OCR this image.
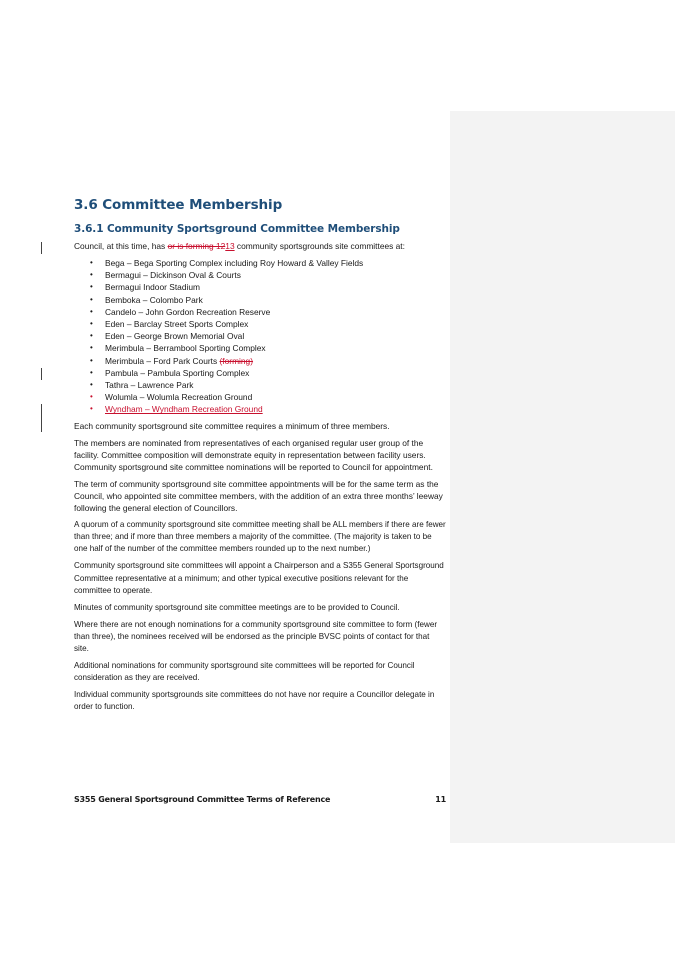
3.6 Committee Membership
3.6.1 Community Sportsground Committee Membership

Council, at this time, has or is forming 1213 community sportsgrounds site committees at:

• Bega – Bega Sporting Complex including Roy Howard & Valley Fields
• Bermagui – Dickinson Oval & Courts
• Bermagui Indoor Stadium
• Bemboka – Colombo Park
• Candelo – John Gordon Recreation Reserve
• Eden – Barclay Street Sports Complex
• Eden – George Brown Memorial Oval
• Merimbula – Berrambool Sporting Complex
• Merimbula – Ford Park Courts (forming)
• Pambula – Pambula Sporting Complex
• Tathra – Lawrence Park
• Wolumla – Wolumla Recreation Ground
• Wyndham – Wyndham Recreation Ground

Each community sportsground site committee requires a minimum of three members.

The members are nominated from representatives of each organised regular user group of the facility. Committee composition will demonstrate equity in representation between facility users. Community sportsground site committee nominations will be reported to Council for appointment.

The term of community sportsground site committee appointments will be for the same term as the Council, who appointed site committee members, with the addition of an extra three months’ leeway following the general election of Councillors.

A quorum of a community sportsground site committee meeting shall be ALL members if there are fewer than three; and if more than three members a majority of the committee. (The majority is taken to be one half of the number of the committee members rounded up to the next number.)

Community sportsground site committees will appoint a Chairperson and a S355 General Sportsground Committee representative at a minimum; and other typical executive positions relevant for the committee to operate.

Minutes of community sportsground site committee meetings are to be provided to Council.

Where there are not enough nominations for a community sportsground site committee to form (fewer than three), the nominees received will be endorsed as the principle BVSC points of contact for that site.

Additional nominations for community sportsground site committees will be reported for Council consideration as they are received.

Individual community sportsgrounds site committees do not have nor require a Councillor delegate in order to function.

S355 General Sportsground Committee Terms of Reference	11
